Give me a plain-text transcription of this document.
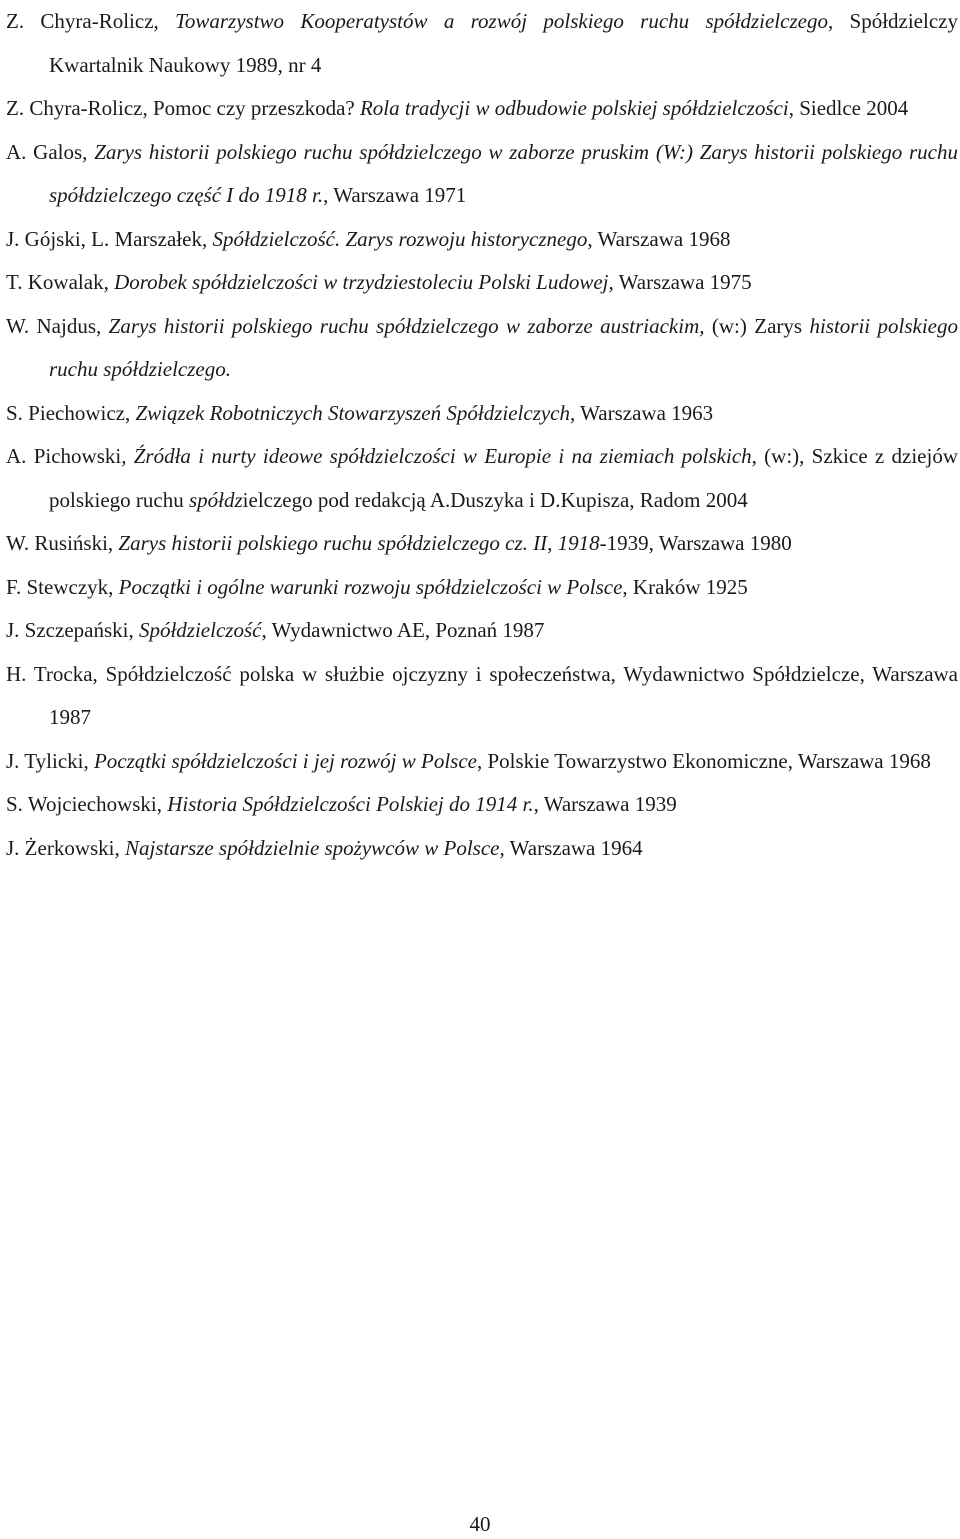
Z. Chyra-Rolicz, Towarzystwo Kooperatystów a rozwój polskiego ruchu spółdzielczego, Spółdzielczy Kwartalnik Naukowy 1989, nr 4

Z. Chyra-Rolicz, Pomoc czy przeszkoda? Rola tradycji w odbudowie polskiej spółdzielczości, Siedlce 2004

A. Galos, Zarys historii polskiego ruchu spółdzielczego w zaborze pruskim (W:) Zarys historii polskiego ruchu spółdzielczego część I do 1918 r., Warszawa 1971

J. Gójski, L. Marszałek, Spółdzielczość. Zarys rozwoju historycznego, Warszawa 1968

T. Kowalak, Dorobek spółdzielczości w trzydziestoleciu Polski Ludowej, Warszawa 1975

W. Najdus, Zarys historii polskiego ruchu spółdzielczego w zaborze austriackim, (w:) Zarys historii polskiego ruchu spółdzielczego.

S. Piechowicz, Związek Robotniczych Stowarzyszeń Spółdzielczych, Warszawa 1963

A. Pichowski, Źródła i nurty ideowe spółdzielczości w Europie i na ziemiach polskich, (w:), Szkice z dziejów polskiego ruchu spółdzielczego pod redakcją A.Duszyka i D.Kupisza, Radom 2004

W. Rusiński, Zarys historii polskiego ruchu spółdzielczego cz. II, 1918-1939, Warszawa 1980

F. Stewczyk, Początki i ogólne warunki rozwoju spółdzielczości w Polsce, Kraków 1925

J. Szczepański, Spółdzielczość, Wydawnictwo AE, Poznań 1987

H. Trocka, Spółdzielczość polska w służbie ojczyzny i społeczeństwa, Wydawnictwo Spółdzielcze, Warszawa 1987

J. Tylicki, Początki spółdzielczości i jej rozwój w Polsce, Polskie Towarzystwo Ekonomiczne, Warszawa 1968

S. Wojciechowski, Historia Spółdzielczości Polskiej do 1914 r., Warszawa 1939

J. Żerkowski, Najstarsze spółdzielnie spożywców w Polsce, Warszawa 1964

40
